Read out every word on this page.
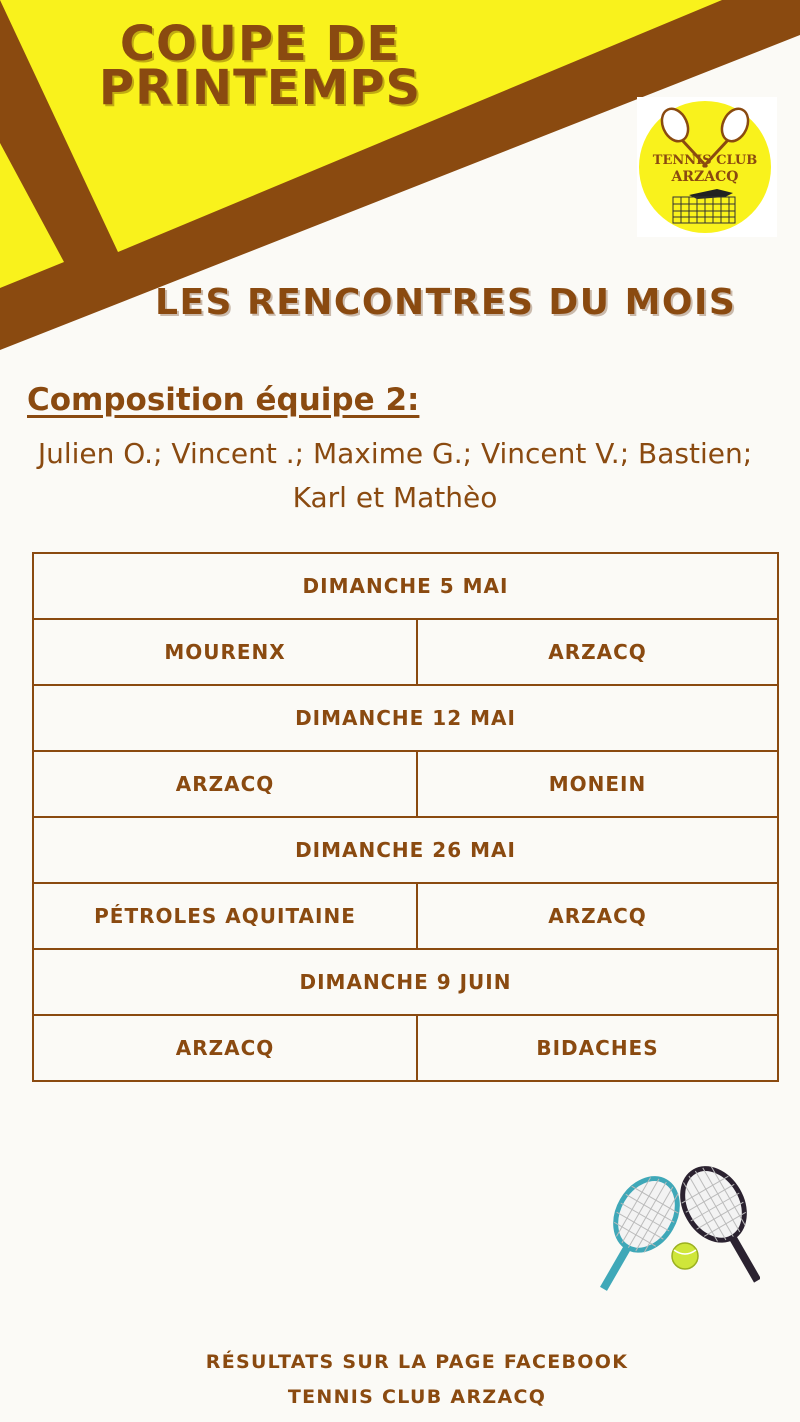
COUPE DE
PRINTEMPS
TENNIS CLUB
ARZACQ
LES RENCONTRES DU MOIS
Composition équipe 2:
Julien O.; Vincent .; Maxime G.; Vincent V.; Bastien;
Karl et Mathèo
DIMANCHE 5 MAI	
MOURENX	ARZACQ
DIMANCHE 12 MAI	
ARZACQ	MONEIN
DIMANCHE 26 MAI	
PÉTROLES AQUITAINE	ARZACQ
DIMANCHE 9 JUIN	
ARZACQ	BIDACHES
RÉSULTATS SUR LA PAGE FACEBOOK
TENNIS CLUB ARZACQ
